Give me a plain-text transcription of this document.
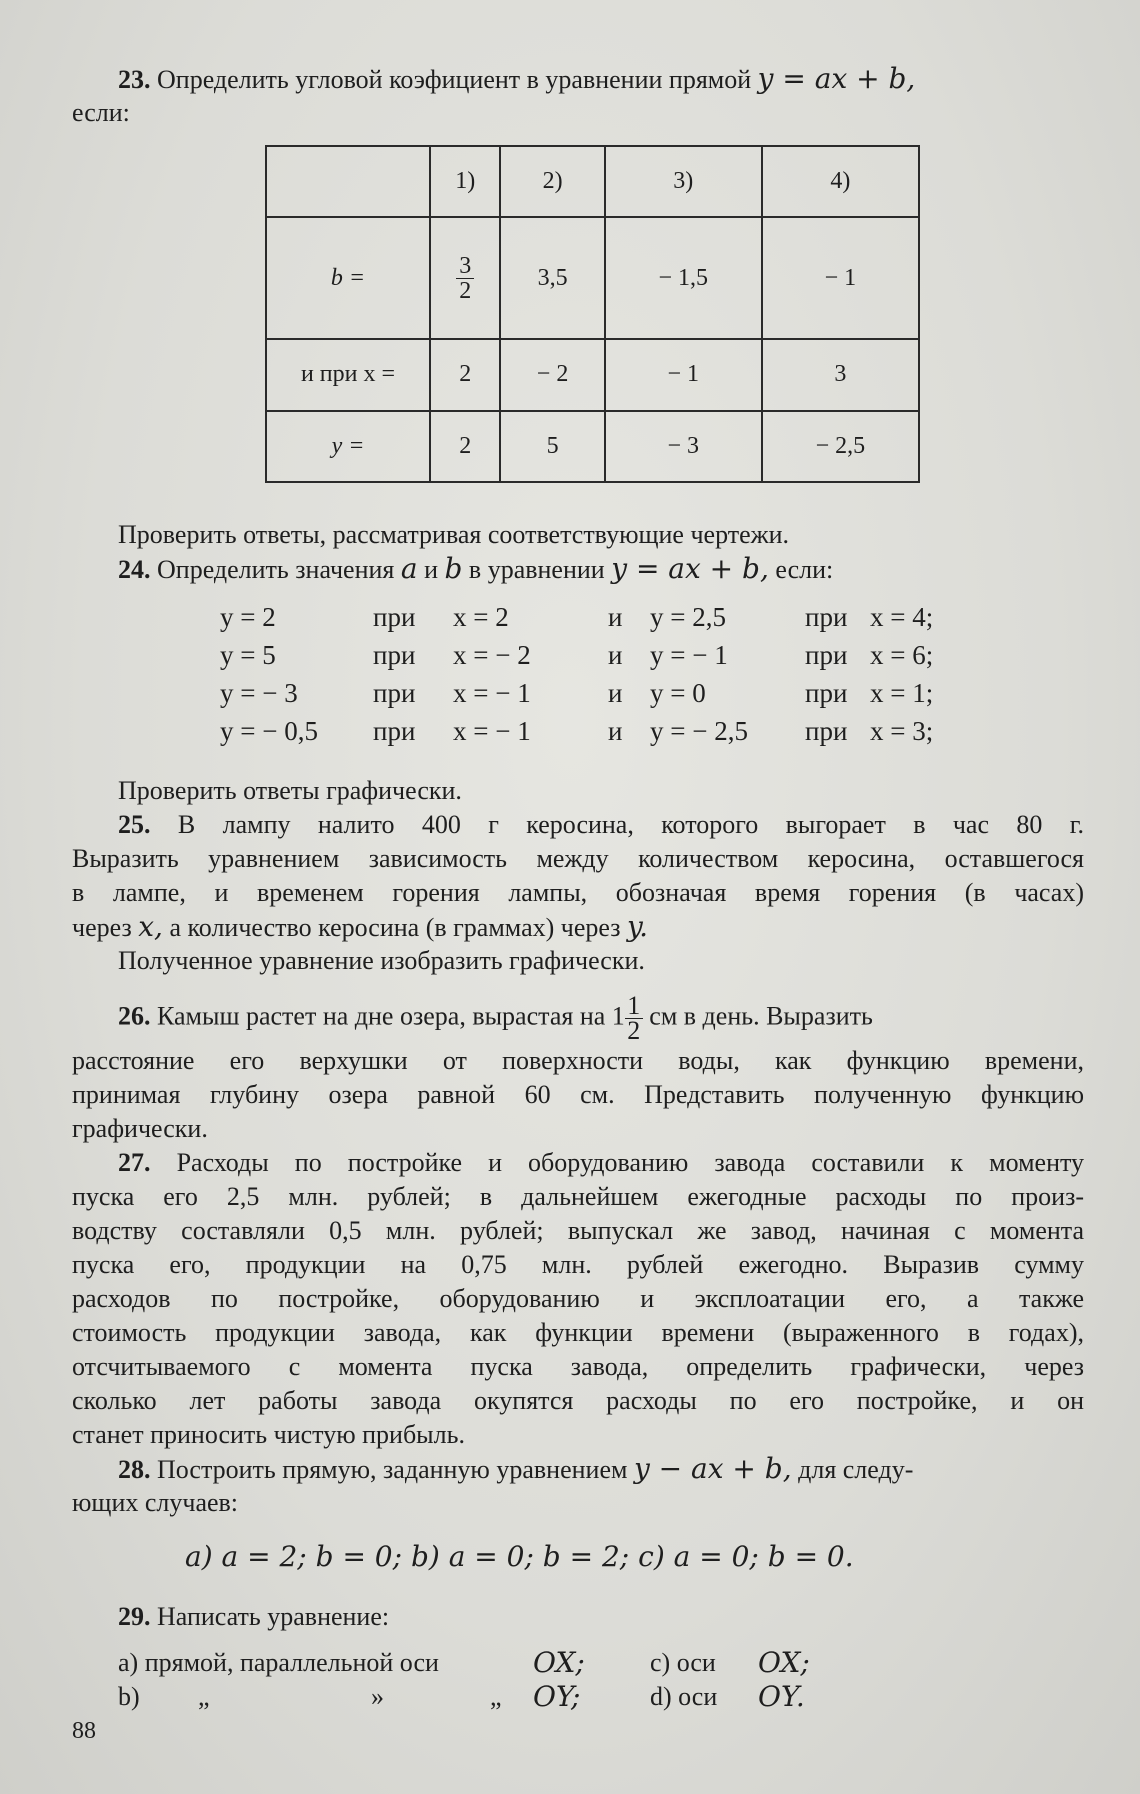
23. Определить угловой коэфициент в уравнении прямой y = ax + b,
если:
	1)	2)	3)	4)
b =	$\frac{3}{2}$	3,5	− 1,5	− 1
и при x =	2	− 2	− 1	3
y =	2	5	− 3	− 2,5
Проверить ответы, рассматривая соответствующие чертежи.
24. Определить значения a и b в уравнении y = ax + b, если:
y = 2	при x = 2	и y = 2,5	при x = 4;
y = 5	при x = − 2	и y = − 1	при x = 6;
y = − 3	при x = − 1	и y = 0	при x = 1;
y = − 0,5 при x = − 1	и y = − 2,5 при x = 3;
Проверить ответы графически.
25. В лампу налито 400 г керосина, которого выгорает в час 80 г.
Выразить уравнением зависимость между количеством керосина, оставшегося
в лампе, и временем горения лампы, обозначая время горения (в часах)
через x, а количество керосина (в граммах) через y.
Полученное уравнение изобразить графически.
26. Камыш растет на дне озера, вырастая на $1 \frac{1}{2}$ см в день. Выразить
расстояние его верхушки от поверхности воды, как функцию времени,
принимая глубину озера равной 60 см. Представить полученную функцию
графически.
27. Расходы по постройке и оборудованию завода составили к моменту
пуска его 2,5 млн. рублей; в дальнейшем ежегодные расходы по произ-
водству составляли 0,5 млн. рублей; выпускал же завод, начиная с момента
пуска его, продукции на 0,75 млн. рублей ежегодно. Выразив сумму
расходов по постройке, оборудованию и эксплоатации его, а также
стоимость продукции завода, как функции времени (выраженного в годах),
отсчитываемого с момента пуска завода, определить графически, через
сколько лет работы завода окупятся расходы по его постройке, и он
станет приносить чистую прибыль.
28. Построить прямую, заданную уравнением y − ax + b, для следу-
ющих случаев:
a) a = 2; b = 0; b) a = 0; b = 2; c) a = 0; b = 0.
29. Написать уравнение:
a) прямой, параллельной оси	OX;	c) оси OX;
b) „	»	„ OY;	d) оси OY.
88
